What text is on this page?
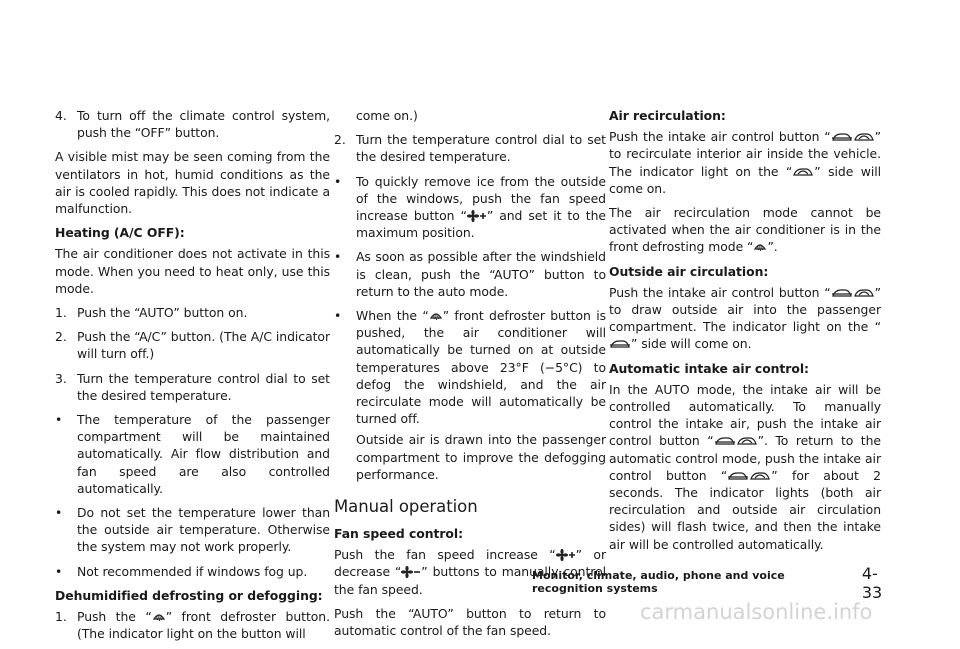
4. To turn off the climate control system, push the “OFF” button.

A visible mist may be seen coming from the ventilators in hot, humid conditions as the air is cooled rapidly. This does not indicate a malfunction.

Heating (A/C OFF):

The air conditioner does not activate in this mode. When you need to heat only, use this mode.

1. Push the “AUTO” button on.
2. Push the “A/C” button. (The A/C indicator will turn off.)
3. Turn the temperature control dial to set the desired temperature.
• The temperature of the passenger compartment will be maintained automatically. Air flow distribution and fan speed are also controlled automatically.
• Do not set the temperature lower than the outside air temperature. Otherwise the system may not work properly.
• Not recommended if windows fog up.

Dehumidified defrosting or defogging:

1. Push the “ ” front defroster button. (The indicator light on the button will
come on.)
2. Turn the temperature control dial to set the desired temperature.
• To quickly remove ice from the outside of the windows, push the fan speed increase button “ ” and set it to the maximum position.
• As soon as possible after the windshield is clean, push the “AUTO” button to return to the auto mode.
• When the “ ” front defroster button is pushed, the air conditioner will automatically be turned on at outside temperatures above 23°F (−5°C) to defog the windshield, and the air recirculate mode will automatically be turned off.
Outside air is drawn into the passenger compartment to improve the defogging performance.
Manual operation

Fan speed control:

Push the fan speed increase “ ” or decrease “ ” buttons to manually control the fan speed.

Push the “AUTO” button to return to automatic control of the fan speed.

Air recirculation:

Push the intake air control button “	” to recirculate interior air inside the vehicle. The indicator light on the “ ” side will come on.

The air recirculation mode cannot be activated when the air conditioner is in the front defrosting mode “ ”.

Outside air circulation:

Push the intake air control button “	” to draw outside air into the passenger compartment. The indicator light on the “
” side will come on.

Automatic intake air control:

In the AUTO mode, the intake air will be controlled automatically. To manually control the intake air, push the intake air control button “	”. To return to the automatic control mode, push the intake air control button “	” for about 2 seconds. The indicator lights (both air recirculation and outside air circulation sides) will flash twice, and then the intake air will be controlled automatically.

Monitor, climate, audio, phone and voice recognition systems
4-33
carmanualsonline.info
